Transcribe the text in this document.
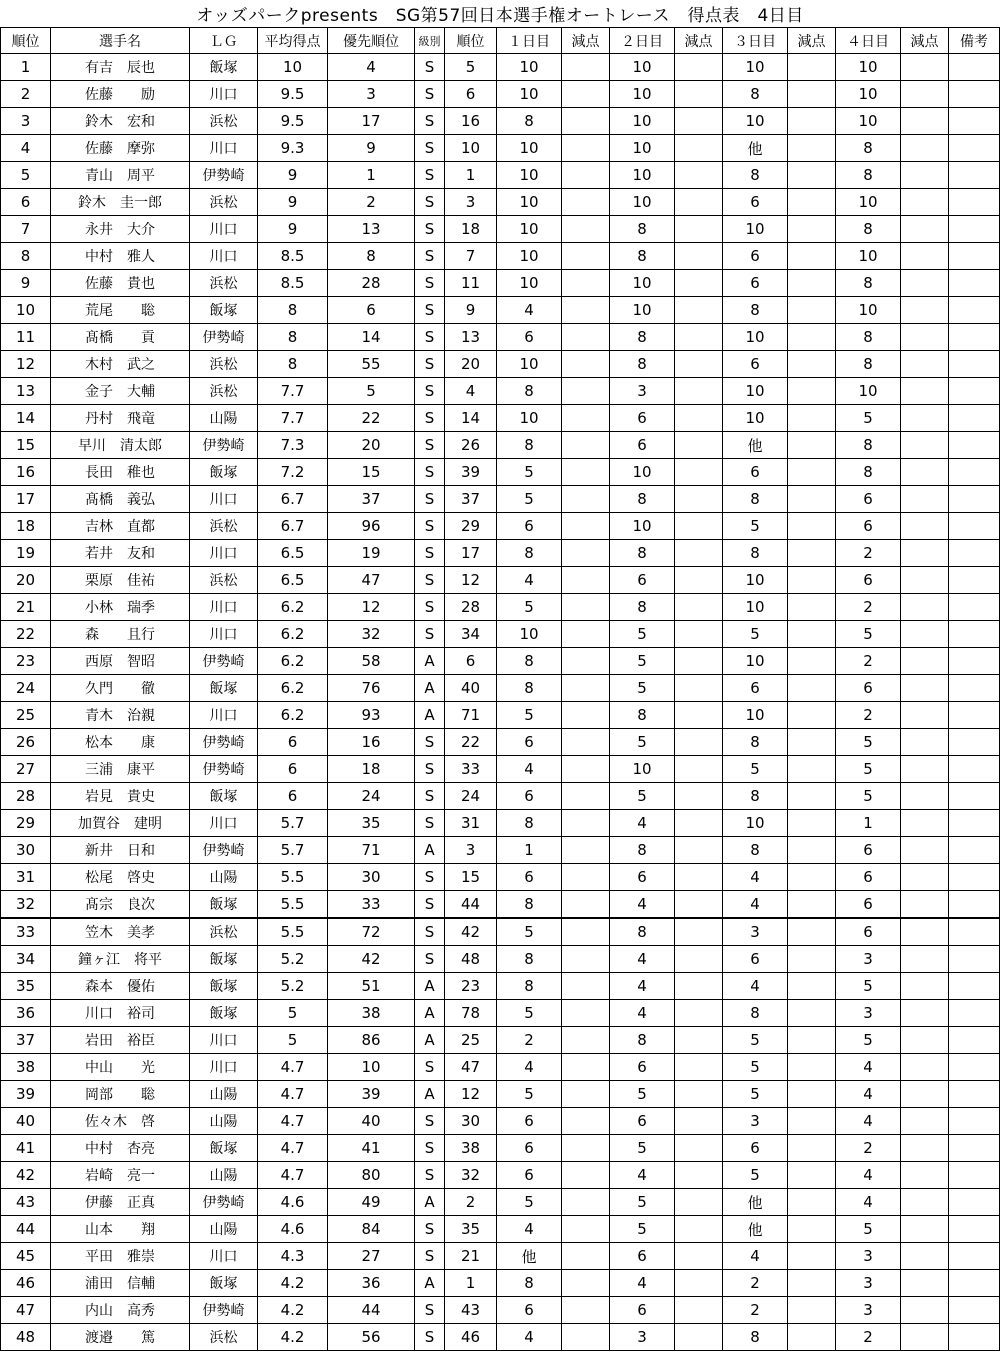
オッズパークpresents　SG第57回日本選手権オートレース　得点表　4日目
順位	選手名	ＬＧ	平均得点	優先順位	級別	順位	１日目	減点	２日目	減点	３日目	減点	４日目	減点	備考
1	有吉　辰也	飯塚	10	4	S	5	10		10		10		10		
2	佐藤　　励	川口	9.5	3	S	6	10		10		8		10		
3	鈴木　宏和	浜松	9.5	17	S	16	8		10		10		10		
4	佐藤　摩弥	川口	9.3	9	S	10	10		10		他		8		
5	青山　周平	伊勢崎	9	1	S	1	10		10		8		8		
6	鈴木　圭一郎	浜松	9	2	S	3	10		10		6		10		
7	永井　大介	川口	9	13	S	18	10		8		10		8		
8	中村　雅人	川口	8.5	8	S	7	10		8		6		10		
9	佐藤　貴也	浜松	8.5	28	S	11	10		10		6		8		
10	荒尾　　聡	飯塚	8	6	S	9	4		10		8		10		
11	髙橋　　貢	伊勢崎	8	14	S	13	6		8		10		8		
12	木村　武之	浜松	8	55	S	20	10		8		6		8		
13	金子　大輔	浜松	7.7	5	S	4	8		3		10		10		
14	丹村　飛竜	山陽	7.7	22	S	14	10		6		10		5		
15	早川　清太郎	伊勢崎	7.3	20	S	26	8		6		他		8		
16	長田　稚也	飯塚	7.2	15	S	39	5		10		6		8		
17	髙橋　義弘	川口	6.7	37	S	37	5		8		8		6		
18	吉林　直都	浜松	6.7	96	S	29	6		10		5		6		
19	若井　友和	川口	6.5	19	S	17	8		8		8		2		
20	栗原　佳祐	浜松	6.5	47	S	12	4		6		10		6		
21	小林　瑞季	川口	6.2	12	S	28	5		8		10		2		
22	森　　且行	川口	6.2	32	S	34	10		5		5		5		
23	西原　智昭	伊勢崎	6.2	58	A	6	8		5		10		2		
24	久門　　徹	飯塚	6.2	76	A	40	8		5		6		6		
25	青木　治親	川口	6.2	93	A	71	5		8		10		2		
26	松本　　康	伊勢崎	6	16	S	22	6		5		8		5		
27	三浦　康平	伊勢崎	6	18	S	33	4		10		5		5		
28	岩見　貴史	飯塚	6	24	S	24	6		5		8		5		
29	加賀谷　建明	川口	5.7	35	S	31	8		4		10		1		
30	新井　日和	伊勢崎	5.7	71	A	3	1		8		8		6		
31	松尾　啓史	山陽	5.5	30	S	15	6		6		4		6		
32	髙宗　良次	飯塚	5.5	33	S	44	8		4		4		6		
33	笠木　美孝	浜松	5.5	72	S	42	5		8		3		6		
34	鐘ヶ江　将平	飯塚	5.2	42	S	48	8		4		6		3		
35	森本　優佑	飯塚	5.2	51	A	23	8		4		4		5		
36	川口　裕司	飯塚	5	38	A	78	5		4		8		3		
37	岩田　裕臣	川口	5	86	A	25	2		8		5		5		
38	中山　　光	川口	4.7	10	S	47	4		6		5		4		
39	岡部　　聡	山陽	4.7	39	A	12	5		5		5		4		
40	佐々木　啓	山陽	4.7	40	S	30	6		6		3		4		
41	中村　杏亮	飯塚	4.7	41	S	38	6		5		6		2		
42	岩崎　亮一	山陽	4.7	80	S	32	6		4		5		4		
43	伊藤　正真	伊勢崎	4.6	49	A	2	5		5		他		4		
44	山本　　翔	山陽	4.6	84	S	35	4		5		他		5		
45	平田　雅崇	川口	4.3	27	S	21	他		6		4		3		
46	浦田　信輔	飯塚	4.2	36	A	1	8		4		2		3		
47	内山　高秀	伊勢崎	4.2	44	S	43	6		6		2		3		
48	渡邉　　篤	浜松	4.2	56	S	46	4		3		8		2		
